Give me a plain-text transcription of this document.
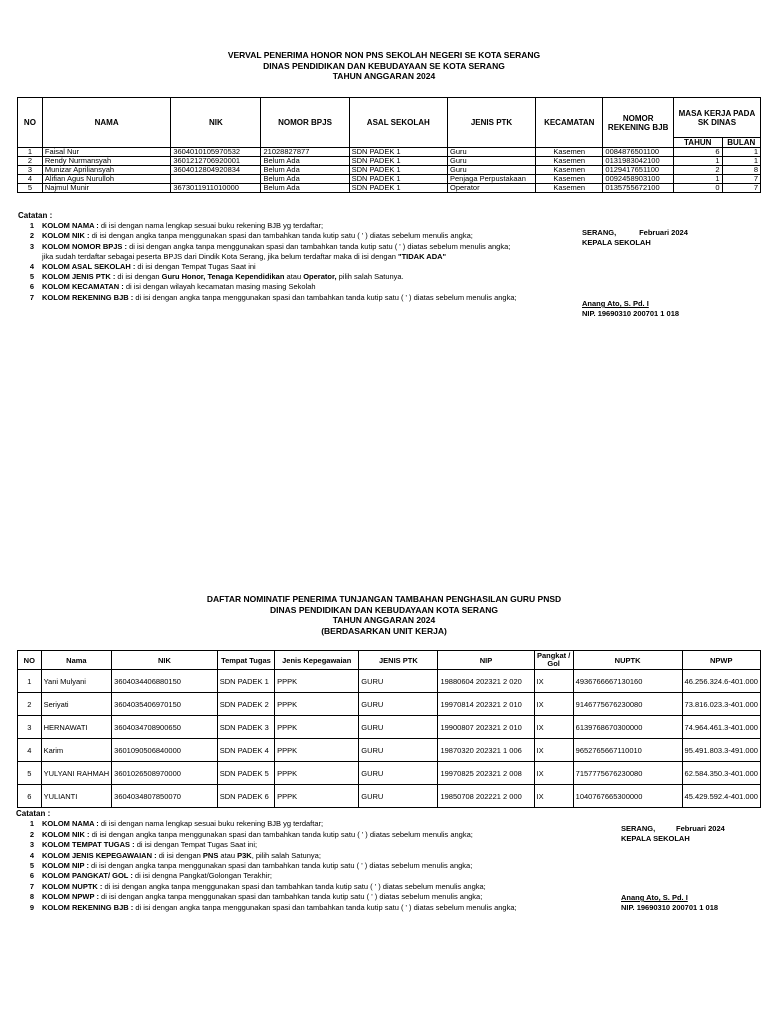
VERVAL PENERIMA HONOR NON PNS SEKOLAH NEGERI SE KOTA SERANG
DINAS PENDIDIKAN DAN KEBUDAYAAN SE KOTA SERANG
TAHUN ANGGARAN 2024
NO	NAMA	NIK	NOMOR BPJS	ASAL SEKOLAH	JENIS PTK	KECAMATAN	NOMOR REKENING BJB	MASA KERJA PADA SK DINAS	
								TAHUN	BULAN
1	Faisal Nur	3604010105970532	21028827877	SDN PADEK 1	Guru	Kasemen	0084876501100	6	1
2	Rendy Nurmansyah	3601212706920001	Belum Ada	SDN PADEK 1	Guru	Kasemen	0131983042100	1	1
3	Munizar Apriliansyah	3604012804920834	Belum Ada	SDN PADEK 1	Guru	Kasemen	0129417651100	2	8
4	Alifian Agus Nurulloh		Belum Ada	SDN PADEK 1	Penjaga Perpustakaan	Kasemen	0092458903100	1	7
5	Najmul Munir	3673011911010000	Belum Ada	SDN PADEK 1	Operator	Kasemen	0135755672100	0	7
Catatan :
1	KOLOM NAMA : di isi dengan nama lengkap sesuai buku rekening BJB yg terdaftar;
2	KOLOM NIK : di isi dengan angka tanpa menggunakan spasi dan tambahkan tanda kutip satu ( ' ) diatas sebelum menulis angka;
3	KOLOM NOMOR BPJS : di isi dengan angka tanpa menggunakan spasi dan tambahkan tanda kutip satu ( ' ) diatas sebelum menulis angka;
jika sudah terdaftar sebagai peserta BPJS dari Dindik Kota Serang, jika belum terdaftar maka di isi dengan "TIDAK ADA"
4	KOLOM ASAL SEKOLAH : di isi dengan Tempat Tugas Saat ini
5	KOLOM JENIS PTK : di isi dengan Guru Honor, Tenaga Kependidikan atau Operator, pilih salah Satunya.
6	KOLOM KECAMATAN : di isi dengan wilayah kecamatan masing masing Sekolah
7	KOLOM REKENING BJB : di isi dengan angka tanpa menggunakan spasi dan tambahkan tanda kutip satu ( ' ) diatas sebelum menulis angka;
SERANG,           Februari 2024
KEPALA SEKOLAH
Anang Ato, S. Pd. I
NIP. 19690310 200701 1 018
DAFTAR NOMINATIF PENERIMA TUNJANGAN TAMBAHAN PENGHASILAN GURU PNSD
DINAS PENDIDIKAN DAN KEBUDAYAAN KOTA SERANG
TAHUN ANGGARAN 2024
(BERDASARKAN UNIT KERJA)
NO	Nama	NIK	Tempat Tugas	Jenis Kepegawaian	JENIS PTK	NIP	Pangkat / Gol	NUPTK	NPWP
1	Yani Mulyani	3604034406880150	SDN PADEK 1	PPPK	GURU	19880604 202321 2 020	IX	4936766667130160	46.256.324.6-401.000
2	Seriyati	3604035406970150	SDN PADEK 2	PPPK	GURU	19970814 202321 2 010	IX	9146775676230080	73.816.023.3-401.000
3	HERNAWATI	3604034708900650	SDN PADEK 3	PPPK	GURU	19900807 202321 2 010	IX	6139768670300000	74.964.461.3-401.000
4	Karim	3601090506840000	SDN PADEK 4	PPPK	GURU	19870320 202321 1 006	IX	9652765667110010	95.491.803.3-491.000
5	YULYANI RAHMAH	3601026508970000	SDN PADEK 5	PPPK	GURU	19970825 202321 2 008	IX	7157775676230080	62.584.350.3-401.000
6	YULIANTI	3604034807850070	SDN PADEK 6	PPPK	GURU	19850708 202221 2 000	IX	1040767665300000	45.429.592.4-401.000
Catatan :
1	KOLOM NAMA : di isi dengan nama lengkap sesuai buku rekening BJB yg terdaftar;
2	KOLOM NIK : di isi dengan angka tanpa menggunakan spasi dan tambahkan tanda kutip satu ( ' ) diatas sebelum menulis angka;
3	KOLOM TEMPAT TUGAS : di isi dengan Tempat Tugas Saat ini;
4	KOLOM JENIS KEPEGAWAIAN : di isi dengan PNS atau P3K, pilih salah Satunya;
5	KOLOM NIP : di isi dengan angka tanpa menggunakan spasi dan tambahkan tanda kutip satu ( ' ) diatas sebelum menulis angka;
6	KOLOM PANGKAT/ GOL : di isi dengna Pangkat/Golongan Terakhir;
7	KOLOM NUPTK : di isi dengan angka tanpa menggunakan spasi dan tambahkan tanda kutip satu ( ' ) diatas sebelum menulis angka;
8	KOLOM NPWP : di isi dengan angka tanpa menggunakan spasi dan tambahkan tanda kutip satu ( ' ) diatas sebelum menulis angka;
9	KOLOM REKENING BJB : di isi dengan angka tanpa menggunakan spasi dan tambahkan tanda kutip satu ( ' ) diatas sebelum menulis angka;
SERANG,          Februari 2024
KEPALA SEKOLAH
Anang Ato, S. Pd. I
NIP. 19690310 200701 1 018
